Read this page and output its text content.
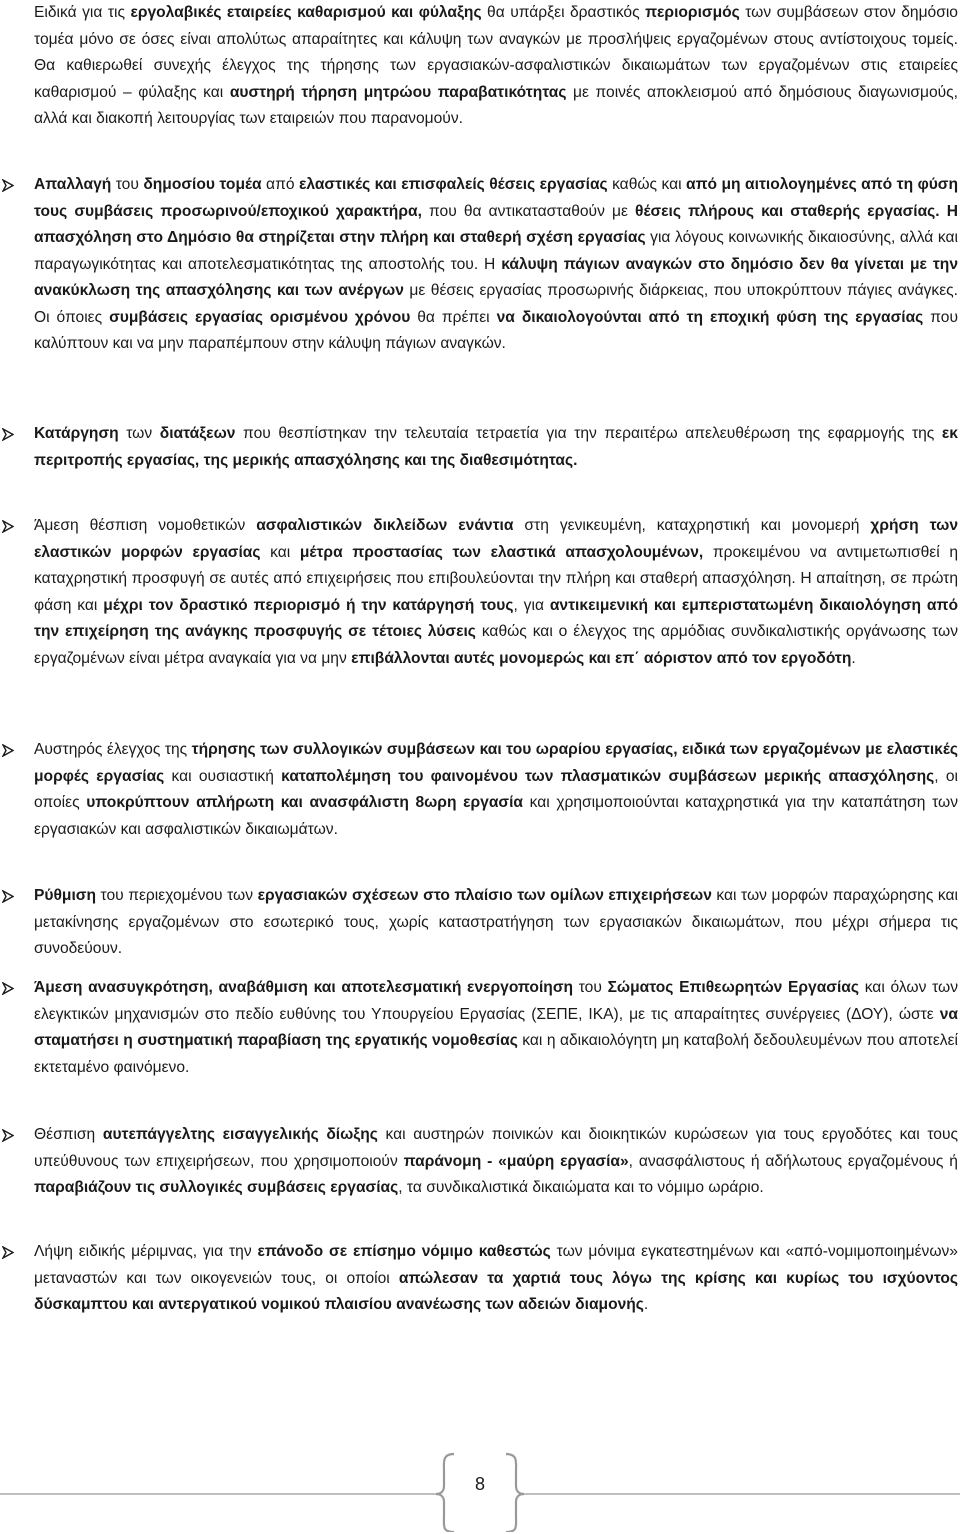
Ειδικά για τις εργολαβικές εταιρείες καθαρισμού και φύλαξης θα υπάρξει δραστικός περιορισμός των συμβάσεων στον δημόσιο τομέα μόνο σε όσες είναι απολύτως απαραίτητες και κάλυψη των αναγκών με προσλήψεις εργαζομένων στους αντίστοιχους τομείς. Θα καθιερωθεί συνεχής έλεγχος της τήρησης των εργασιακών-ασφαλιστικών δικαιωμάτων των εργαζομένων στις εταιρείες καθαρισμού – φύλαξης και αυστηρή τήρηση μητρώου παραβατικότητας με ποινές αποκλεισμού από δημόσιους διαγωνισμούς, αλλά και διακοπή λειτουργίας των εταιρειών που παρανομούν.
Απαλλαγή του δημοσίου τομέα από ελαστικές και επισφαλείς θέσεις εργασίας καθώς και από μη αιτιολογημένες από τη φύση τους συμβάσεις προσωρινού/εποχικού χαρακτήρα, που θα αντικατασταθούν με θέσεις πλήρους και σταθερής εργασίας. Η απασχόληση στο Δημόσιο θα στηρίζεται στην πλήρη και σταθερή σχέση εργασίας για λόγους κοινωνικής δικαιοσύνης, αλλά και παραγωγικότητας και αποτελεσματικότητας της αποστολής του. Η κάλυψη πάγιων αναγκών στο δημόσιο δεν θα γίνεται με την ανακύκλωση της απασχόλησης και των ανέργων με θέσεις εργασίας προσωρινής διάρκειας, που υποκρύπτουν πάγιες ανάγκες. Οι όποιες συμβάσεις εργασίας ορισμένου χρόνου θα πρέπει να δικαιολογούνται από τη εποχική φύση της εργασίας που καλύπτουν και να μην παραπέμπουν στην κάλυψη πάγιων αναγκών.
Κατάργηση των διατάξεων που θεσπίστηκαν την τελευταία τετραετία για την περαιτέρω απελευθέρωση της εφαρμογής της εκ περιτροπής εργασίας, της μερικής απασχόλησης και της διαθεσιμότητας.
Άμεση θέσπιση νομοθετικών ασφαλιστικών δικλείδων ενάντια στη γενικευμένη, καταχρηστική και μονομερή χρήση των ελαστικών μορφών εργασίας και μέτρα προστασίας των ελαστικά απασχολουμένων, προκειμένου να αντιμετωπισθεί η καταχρηστική προσφυγή σε αυτές από επιχειρήσεις που επιβουλεύονται την πλήρη και σταθερή απασχόληση. Η απαίτηση, σε πρώτη φάση και μέχρι τον δραστικό περιορισμό ή την κατάργησή τους, για αντικειμενική και εμπεριστατωμένη δικαιολόγηση από την επιχείρηση της ανάγκης προσφυγής σε τέτοιες λύσεις καθώς και ο έλεγχος της αρμόδιας συνδικαλιστικής οργάνωσης των εργαζομένων είναι μέτρα αναγκαία για να μην επιβάλλονται αυτές μονομερώς και επ΄ αόριστον από τον εργοδότη.
Αυστηρός έλεγχος της τήρησης των συλλογικών συμβάσεων και του ωραρίου εργασίας, ειδικά των εργαζομένων με ελαστικές μορφές εργασίας και ουσιαστική καταπολέμηση του φαινομένου των πλασματικών συμβάσεων μερικής απασχόλησης, οι οποίες υποκρύπτουν απλήρωτη και ανασφάλιστη 8ωρη εργασία και χρησιμοποιούνται καταχρηστικά για την καταπάτηση των εργασιακών και ασφαλιστικών δικαιωμάτων.
Ρύθμιση του περιεχομένου των εργασιακών σχέσεων στο πλαίσιο των ομίλων επιχειρήσεων και των μορφών παραχώρησης και μετακίνησης εργαζομένων στο εσωτερικό τους, χωρίς καταστρατήγηση των εργασιακών δικαιωμάτων, που μέχρι σήμερα τις συνοδεύουν.
Άμεση ανασυγκρότηση, αναβάθμιση και αποτελεσματική ενεργοποίηση του Σώματος Επιθεωρητών Εργασίας και όλων των ελεγκτικών μηχανισμών στο πεδίο ευθύνης του Υπουργείου Εργασίας (ΣΕΠΕ, ΙΚΑ), με τις απαραίτητες συνέργειες (ΔΟΥ), ώστε να σταματήσει η συστηματική παραβίαση της εργατικής νομοθεσίας και η αδικαιολόγητη μη καταβολή δεδουλευμένων που αποτελεί εκτεταμένο φαινόμενο.
Θέσπιση αυτεπάγγελτης εισαγγελικής δίωξης και αυστηρών ποινικών και διοικητικών κυρώσεων για τους εργοδότες και τους υπεύθυνους των επιχειρήσεων, που χρησιμοποιούν παράνομη - «μαύρη εργασία», ανασφάλιστους ή αδήλωτους εργαζομένους ή παραβιάζουν τις συλλογικές συμβάσεις εργασίας, τα συνδικαλιστικά δικαιώματα και το νόμιμο ωράριο.
Λήψη ειδικής μέριμνας, για την επάνοδο σε επίσημο νόμιμο καθεστώς των μόνιμα εγκατεστημένων και «από-νομιμοποιημένων» μεταναστών και των οικογενειών τους, οι οποίοι απώλεσαν τα χαρτιά τους λόγω της κρίσης και κυρίως του ισχύοντος δύσκαμπτου και αντεργατικού νομικού πλαισίου ανανέωσης των αδειών διαμονής.
8
